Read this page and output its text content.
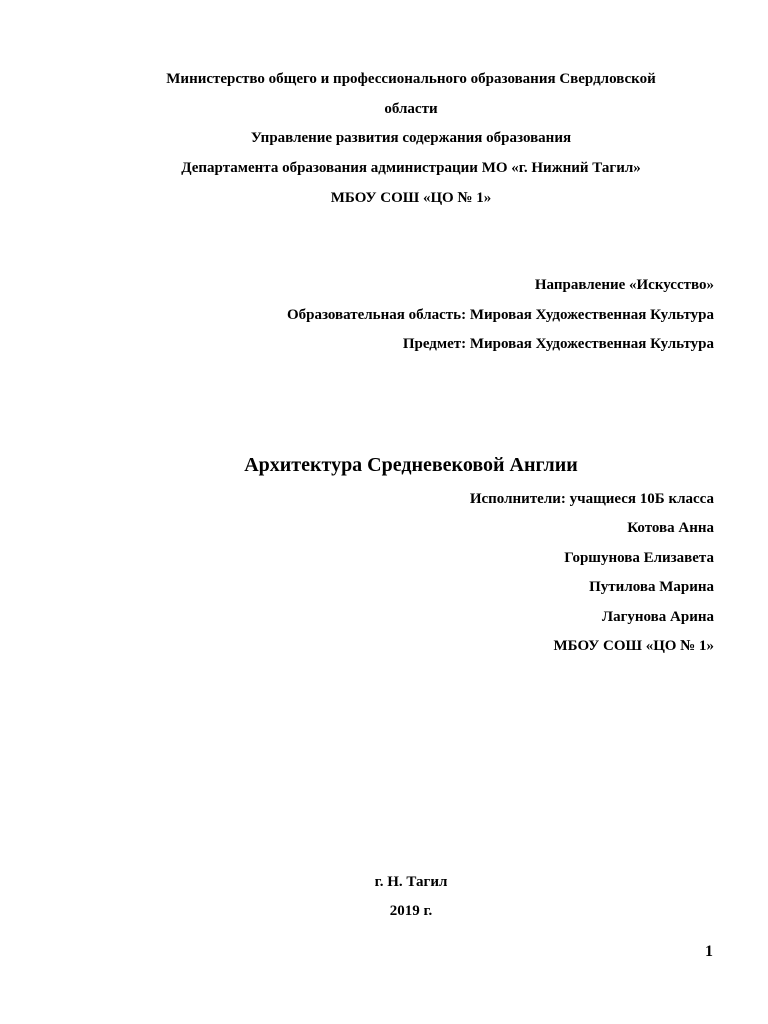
Министерство общего и профессионального образования Свердловской
области
Управление развития содержания образования
Департамента образования администрации МО «г. Нижний Тагил»
МБОУ СОШ «ЦО № 1»
Направление «Искусство»
Образовательная область: Мировая Художественная Культура
Предмет: Мировая Художественная Культура
Архитектура Средневековой Англии
Исполнители: учащиеся 10Б класса
Котова Анна
Горшунова Елизавета
Путилова Марина
Лагунова Арина
МБОУ СОШ «ЦО № 1»
г. Н. Тагил
2019 г.
1
